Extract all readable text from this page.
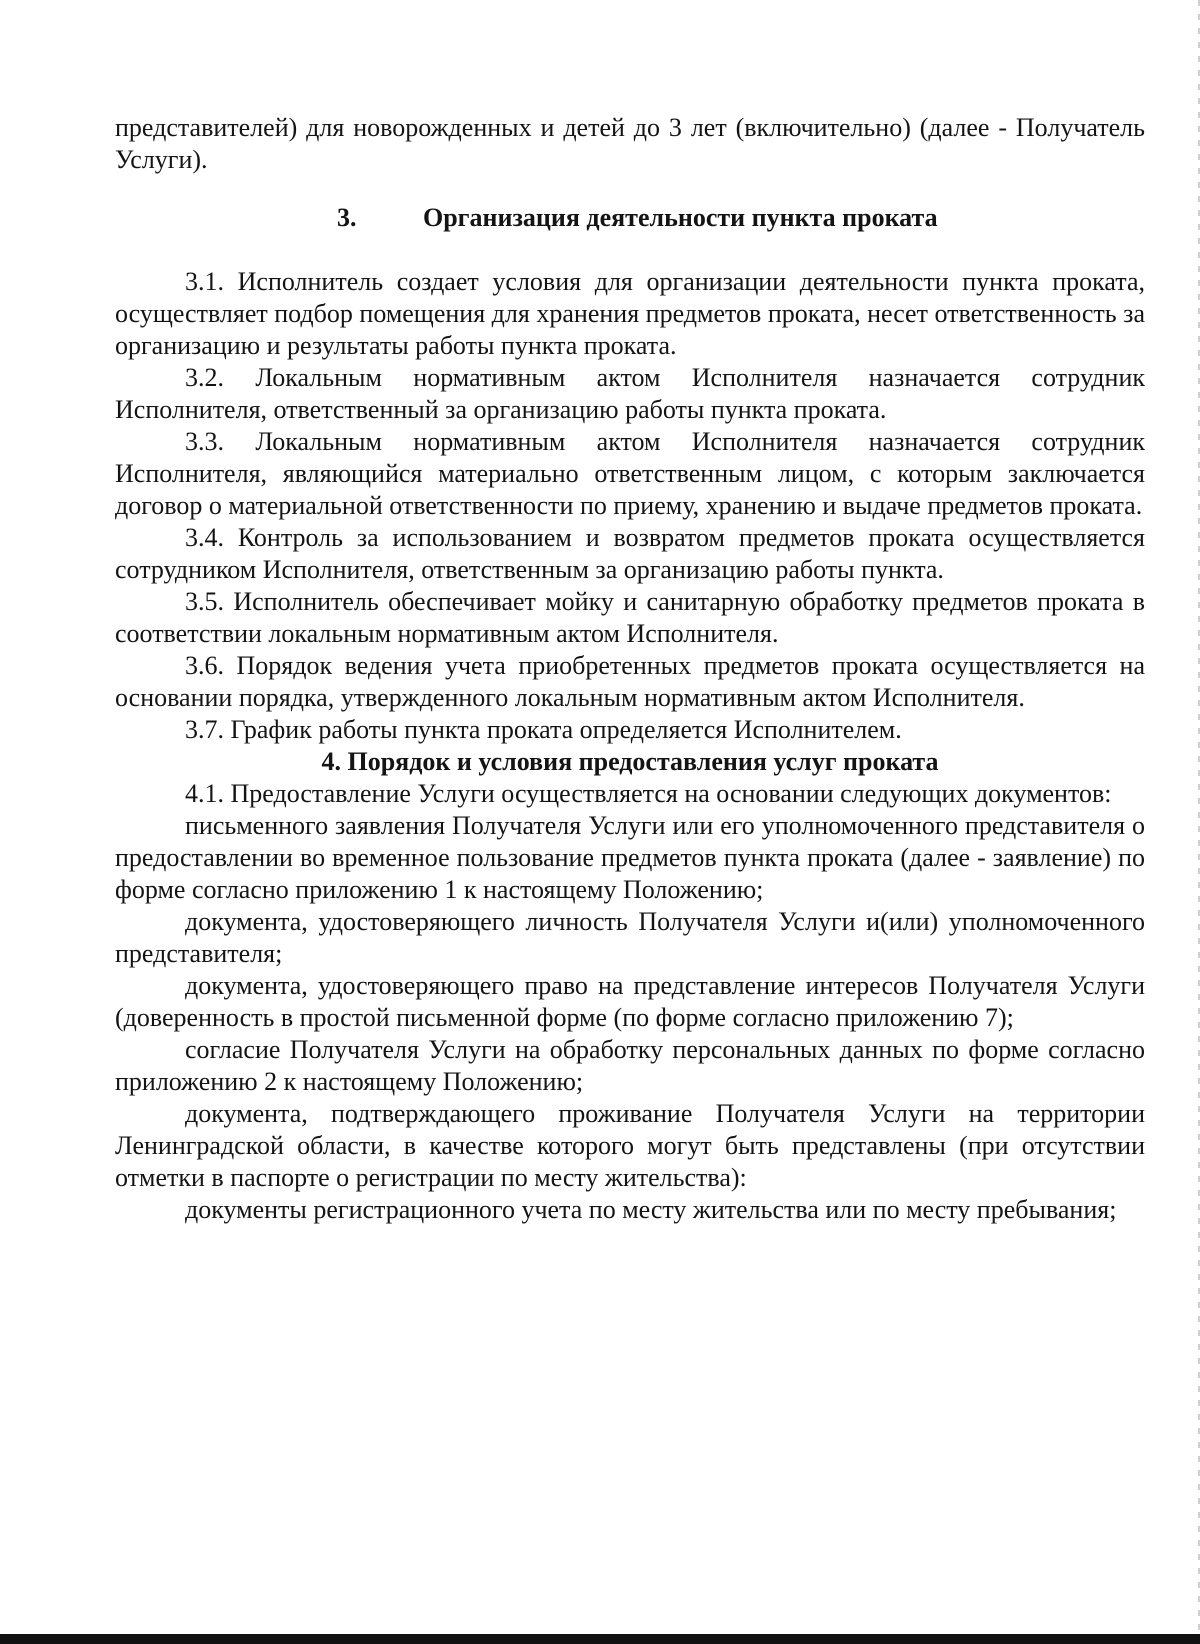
представителей) для новорожденных и детей до 3 лет (включительно) (далее - Получатель Услуги).

3.	Организация деятельности пункта проката

3.1. Исполнитель создает условия для организации деятельности пункта проката, осуществляет подбор помещения для хранения предметов проката, несет ответственность за организацию и результаты работы пункта проката.

3.2. Локальным нормативным актом Исполнителя назначается сотрудник Исполнителя, ответственный за организацию работы пункта проката.

3.3. Локальным нормативным актом Исполнителя назначается сотрудник Исполнителя, являющийся материально ответственным лицом, с которым заключается договор о материальной ответственности по приему, хранению и выдаче предметов проката.

3.4. Контроль за использованием и возвратом предметов проката осуществляется сотрудником Исполнителя, ответственным за организацию работы пункта.

3.5. Исполнитель обеспечивает мойку и санитарную обработку предметов проката в соответствии локальным нормативным актом Исполнителя.

3.6. Порядок ведения учета приобретенных предметов проката осуществляется на основании порядка, утвержденного локальным нормативным актом Исполнителя.

3.7. График работы пункта проката определяется Исполнителем.

4. Порядок и условия предоставления услуг проката

4.1. Предоставление Услуги осуществляется на основании следующих документов:

письменного заявления Получателя Услуги или его уполномоченного представителя о предоставлении во временное пользование предметов пункта проката (далее - заявление) по форме согласно приложению 1 к настоящему Положению;

документа, удостоверяющего личность Получателя Услуги и(или) уполномоченного представителя;

документа, удостоверяющего право на представление интересов Получателя Услуги (доверенность в простой письменной форме (по форме согласно приложению 7);

согласие Получателя Услуги на обработку персональных данных по форме согласно приложению 2 к настоящему Положению;

документа, подтверждающего проживание Получателя Услуги на территории Ленинградской области, в качестве которого могут быть представлены (при отсутствии отметки в паспорте о регистрации по месту жительства):

документы регистрационного учета по месту жительства или по месту пребывания;
